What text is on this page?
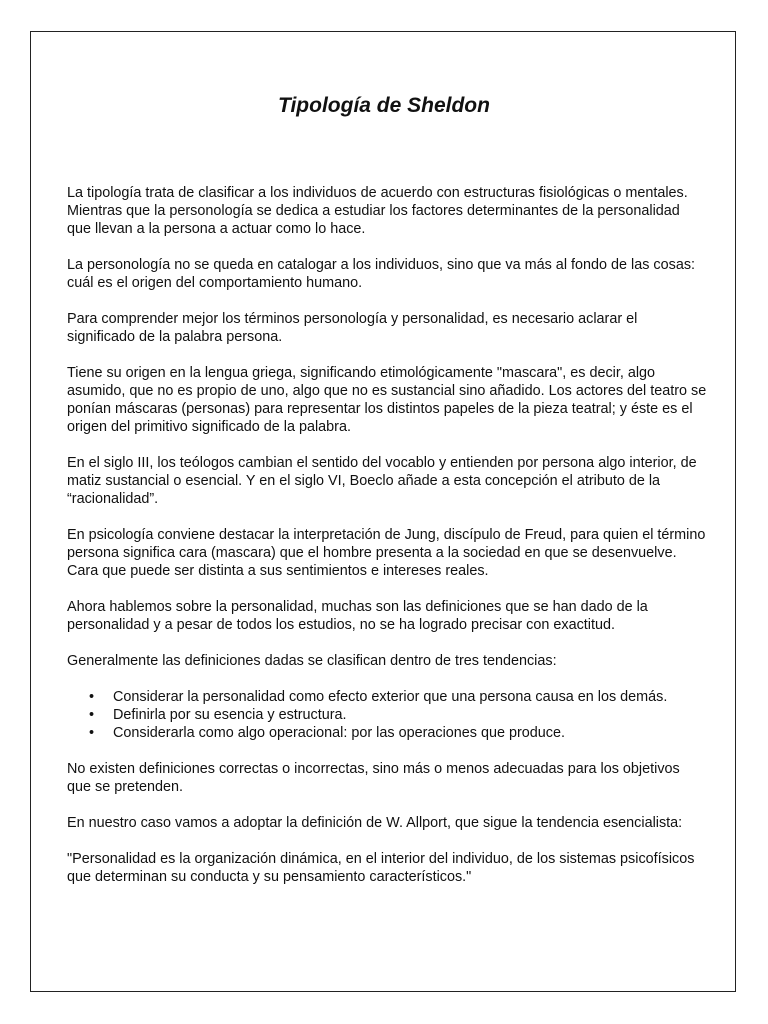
Tipología de Sheldon

La tipología trata de clasificar a los individuos de acuerdo con estructuras fisiológicas o mentales. Mientras que la personología se dedica a estudiar los factores determinantes de la personalidad que llevan a la persona a actuar como lo hace.

La personología no se queda en catalogar a los individuos, sino que va más al fondo de las cosas: cuál es el origen del comportamiento humano.

Para comprender mejor los términos personología y personalidad, es necesario aclarar el significado de la palabra persona.

Tiene su origen en la lengua griega, significando etimológicamente "mascara", es decir, algo asumido, que no es propio de uno, algo que no es sustancial sino añadido. Los actores del teatro se ponían máscaras (personas) para representar los distintos papeles de la pieza teatral; y éste es el origen del primitivo significado de la palabra.

En el siglo III, los teólogos cambian el sentido del vocablo y entienden por persona algo interior, de matiz sustancial o esencial. Y en el siglo VI, Boeclo añade a esta concepción el atributo de la “racionalidad”.

En psicología conviene destacar la interpretación de Jung, discípulo de Freud, para quien el término persona significa cara (mascara) que el hombre presenta a la sociedad en que se desenvuelve. Cara que puede ser distinta a sus sentimientos e intereses reales.

Ahora hablemos sobre la personalidad, muchas son las definiciones que se han dado de la personalidad y a pesar de todos los estudios, no se ha logrado precisar con exactitud.

Generalmente las definiciones dadas se clasifican dentro de tres tendencias:

• Considerar la personalidad como efecto exterior que una persona causa en los demás.
• Definirla por su esencia y estructura.
• Considerarla como algo operacional: por las operaciones que produce.

No existen definiciones correctas o incorrectas, sino más o menos adecuadas para los objetivos que se pretenden.

En nuestro caso vamos a adoptar la definición de W. Allport, que sigue la tendencia esencialista:

"Personalidad es la organización dinámica, en el interior del individuo, de los sistemas psicofísicos que determinan su conducta y su pensamiento característicos."
